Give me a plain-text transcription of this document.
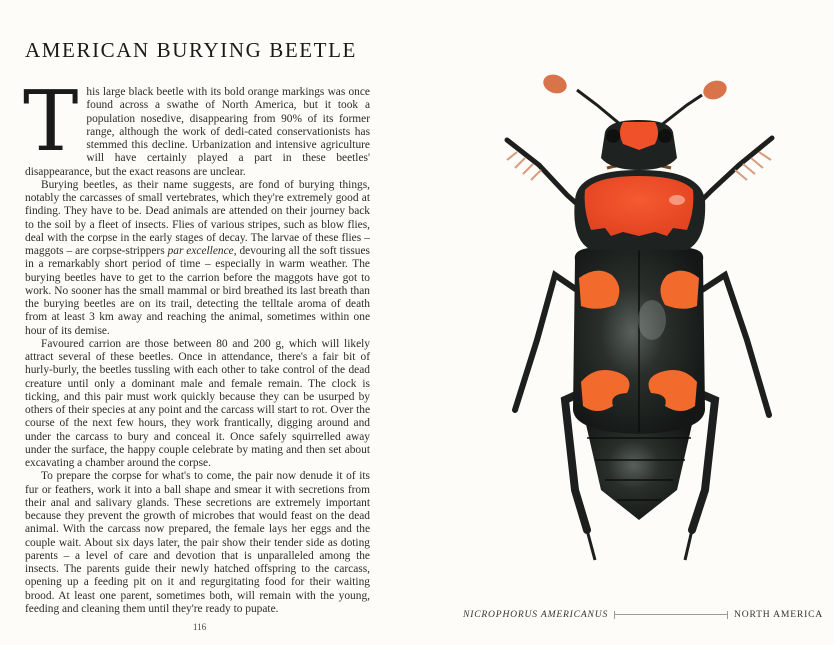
AMERICAN BURYING BEETLE

This large black beetle with its bold orange markings was once found across a swathe of North America, but it took a population nosedive, disappearing from 90% of its former range, although the work of dedi-cated conservationists has stemmed this decline. Urbanization and intensive agriculture will have certainly played a part in these beetles' disappearance, but the exact reasons are unclear.

Burying beetles, as their name suggests, are fond of burying things, notably the carcasses of small vertebrates, which they're extremely good at finding. They have to be. Dead animals are attended on their journey back to the soil by a fleet of insects. Flies of various stripes, such as blow flies, deal with the corpse in the early stages of decay. The larvae of these flies – maggots – are corpse-strippers par excellence, devouring all the soft tissues in a remarkably short period of time – especially in warm weather. The burying beetles have to get to the carrion before the maggots have got to work. No sooner has the small mammal or bird breathed its last breath than the burying beetles are on its trail, detecting the telltale aroma of death from at least 3 km away and reaching the animal, sometimes within one hour of its demise.

Favoured carrion are those between 80 and 200 g, which will likely attract several of these beetles. Once in attendance, there's a fair bit of hurly-burly, the beetles tussling with each other to take control of the dead creature until only a dominant male and female remain. The clock is ticking, and this pair must work quickly because they can be usurped by others of their species at any point and the carcass will start to rot. Over the course of the next few hours, they work frantically, digging around and under the carcass to bury and conceal it. Once safely squirrelled away under the surface, the happy couple celebrate by mating and then set about excavating a chamber around the corpse.

To prepare the corpse for what's to come, the pair now denude it of its fur or feathers, work it into a ball shape and smear it with secretions from their anal and salivary glands. These secretions are extremely important because they prevent the growth of microbes that would feast on the dead animal. With the carcass now prepared, the female lays her eggs and the couple wait. About six days later, the pair show their tender side as doting parents – a level of care and devotion that is unparalleled among the insects. The parents guide their newly hatched offspring to the carcass, opening up a feeding pit on it and regurgitating food for their waiting brood. At least one parent, sometimes both, will remain with the young, feeding and cleaning them until they're ready to pupate.

116
NICROPHORUS AMERICANUS	NORTH AMERICA
